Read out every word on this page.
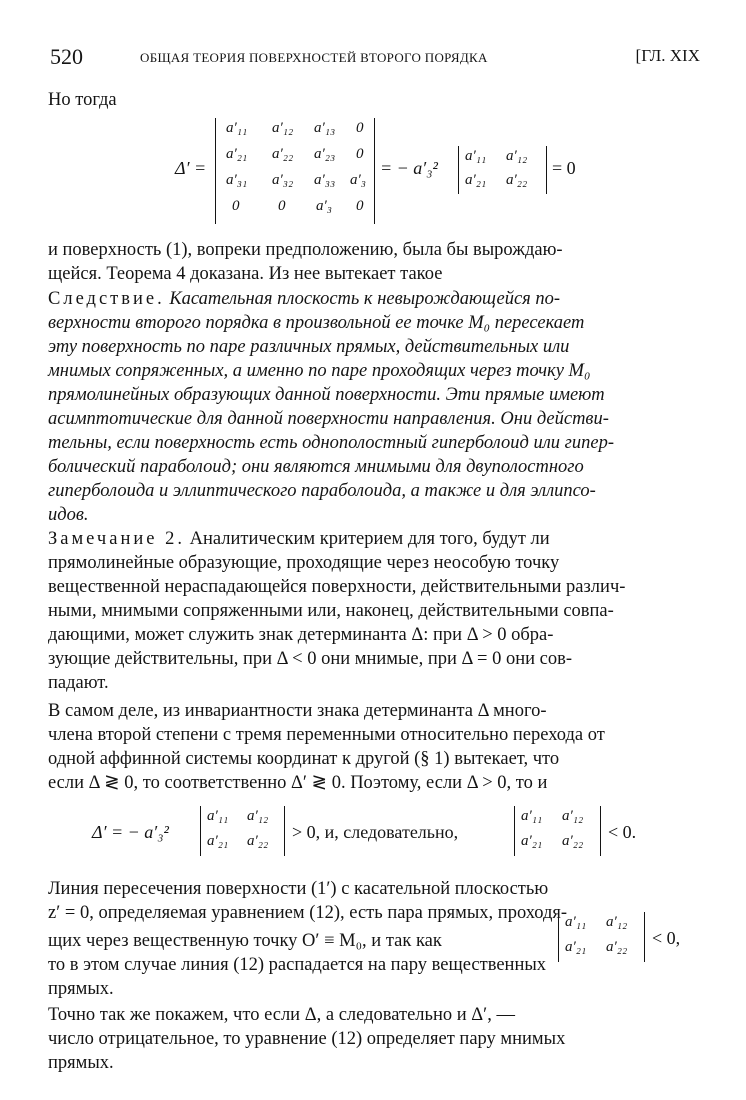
520	ОБЩАЯ ТЕОРИЯ ПОВЕРХНОСТЕЙ ВТОРОГО ПОРЯДКА	[ГЛ. XIX
Но тогда
Δ′ =
a′₁₁ a′₁₂ a′₁₃ 0
a′₂₁ a′₂₂ a′₂₃ 0
a′₃₁ a′₃₂ a′₃₃ a′₃
0	0 a′₃ 0
= − a′₃²
a′₁₁ a′₁₂
a′₂₁ a′₂₂
= 0
и поверхность (1), вопреки предположению, была бы вырождаю-
щейся. Теорема 4 доказана. Из нее вытекает такое
Следствие. Касательная плоскость к невырождающейся по-
верхности второго порядка в произвольной ее точке M₀ пересекает
эту поверхность по паре различных прямых, действительных или
мнимых сопряженных, а именно по паре проходящих через точку M₀
прямолинейных образующих данной поверхности. Эти прямые имеют
асимптотические для данной поверхности направления. Они действи-
тельны, если поверхность есть однополостный гиперболоид или гипер-
болический параболоид; они являются мнимыми для двуполостного
гиперболоида и эллиптического параболоида, а также и для эллипсо-
идов.
Замечание 2. Аналитическим критерием для того, будут ли
прямолинейные образующие, проходящие через неособую точку
вещественной нераспадающейся поверхности, действительными различ-
ными, мнимыми сопряженными или, наконец, действительными совпа-
дающими, может служить знак детерминанта Δ: при Δ > 0 обра-
зующие действительны, при Δ < 0 они мнимые, при Δ = 0 они сов-
падают.
В самом деле, из инвариантности знака детерминанта Δ много-
члена второй степени с тремя переменными относительно перехода от
одной аффинной системы координат к другой (§ 1) вытекает, что
если Δ ≷ 0, то соответственно Δ′ ≷ 0. Поэтому, если Δ > 0, то и
Δ′ = − a′₃²
a′₁₁ a′₁₂
a′₂₁ a′₂₂ > 0, и, следовательно,
a′₁₁ a′₁₂
a′₂₁ a′₂₂ < 0.
Линия пересечения поверхности (1′) с касательной плоскостью
z′ = 0, определяемая уравнением (12), есть пара прямых, проходя-
щих через вещественную точку O′ ≡ M₀, и так как
a′₁₁ a′₁₂
a′₂₁ a′₂₂ < 0,
то в этом случае линия (12) распадается на пару вещественных
прямых.
Точно так же покажем, что если Δ, а следовательно и Δ′, —
число отрицательное, то уравнение (12) определяет пару мнимых
прямых.
